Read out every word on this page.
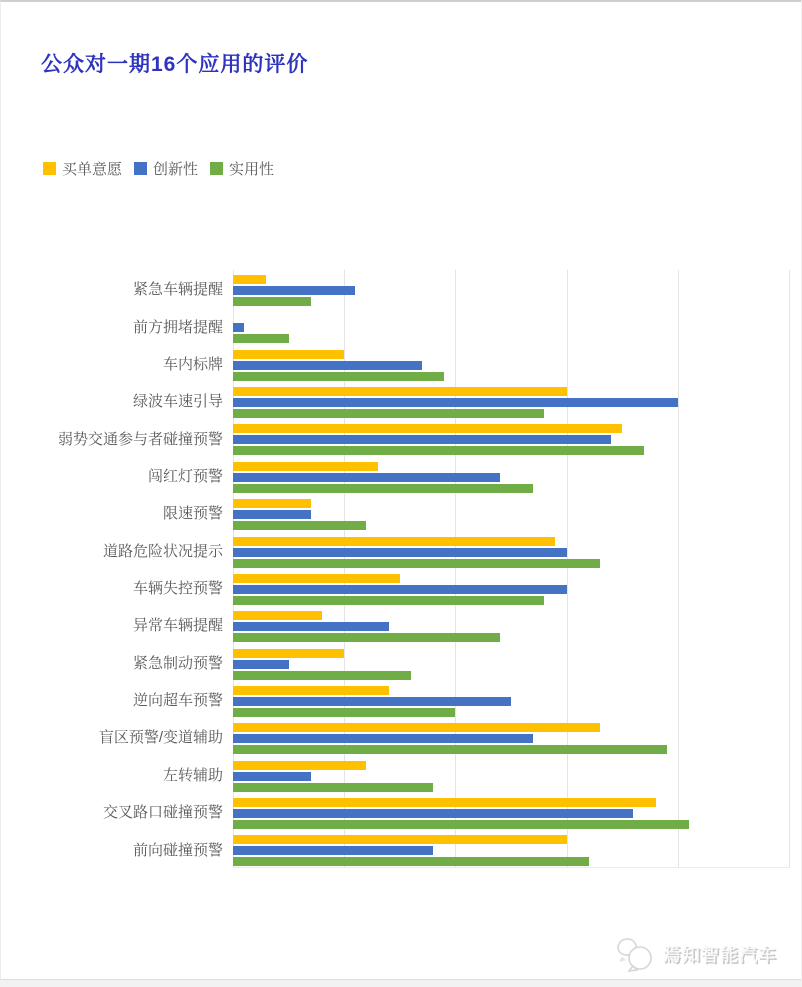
公众对一期16个应用的评价
买单意愿 创新性 实用性
紧急车辆提醒
前方拥堵提醒
车内标牌
绿波车速引导
弱势交通参与者碰撞预警
闯红灯预警
限速预警
道路危险状况提示
车辆失控预警
异常车辆提醒
紧急制动预警
逆向超车预警
盲区预警/变道辅助
左转辅助
交叉路口碰撞预警
前向碰撞预警
焉知智能汽车
